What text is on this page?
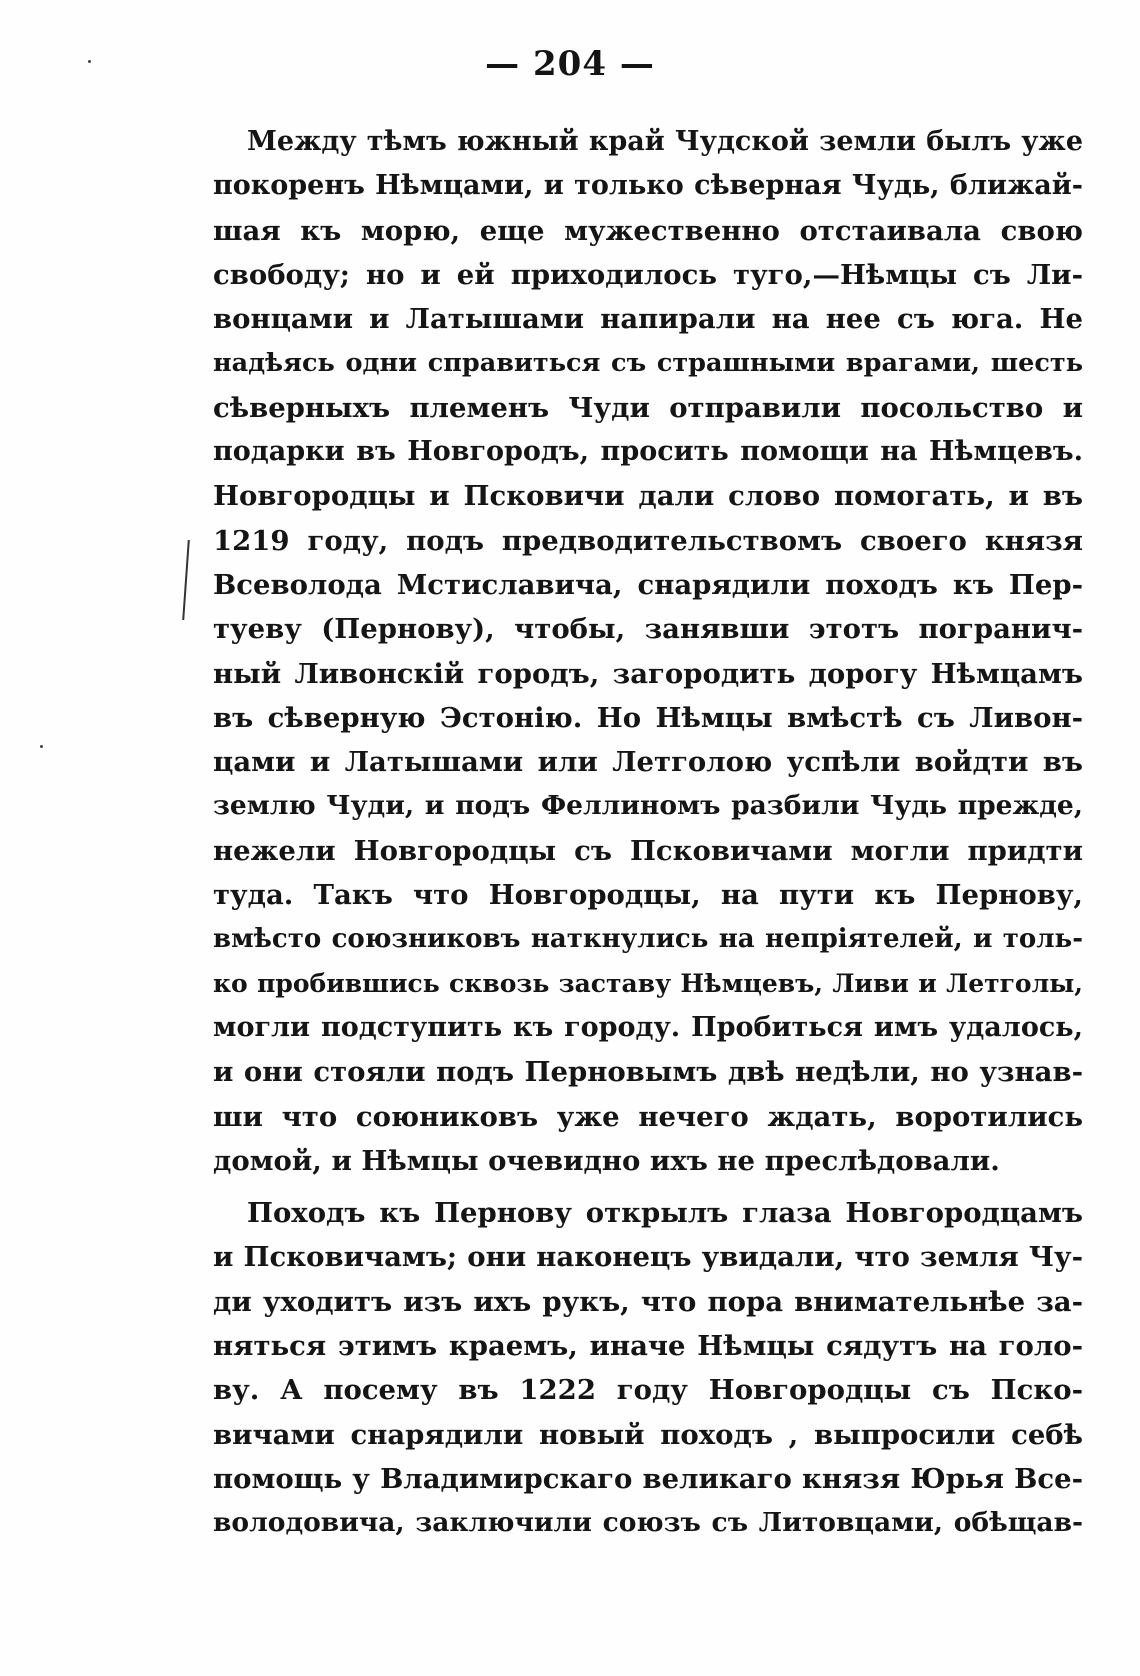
— 204 —
Между тѣмъ южный край Чудской земли былъ уже
покоренъ Нѣмцами, и только сѣверная Чудь, ближай-
шая къ морю, еще мужественно отстаивала свою
свободу; но и ей приходилось туго,—Нѣмцы съ Ли-
вонцами и Латышами напирали на нее съ юга. Не
надѣясь одни справиться съ страшными врагами, шесть
сѣверныхъ племенъ Чуди отправили посольство и
подарки въ Новгородъ, просить помощи на Нѣмцевъ.
Новгородцы и Псковичи дали слово помогать, и въ
1219 году, подъ предводительствомъ своего князя
Всеволода Мстиславича, снарядили походъ къ Пер-
туеву (Пернову), чтобы, занявши этотъ погранич-
ный Ливонскій городъ, загородить дорогу Нѣмцамъ
въ сѣверную Эстонію. Но Нѣмцы вмѣстѣ съ Ливон-
цами и Латышами или Летголою успѣли войдти въ
землю Чуди, и подъ Феллиномъ разбили Чудь прежде,
нежели Новгородцы съ Псковичами могли придти
туда. Такъ что Новгородцы, на пути къ Пернову,
вмѣсто союзниковъ наткнулись на непріятелей, и толь-
ко пробившись сквозь заставу Нѣмцевъ, Ливи и Летголы,
могли подступить къ городу. Пробиться имъ удалось,
и они стояли подъ Перновымъ двѣ недѣли, но узнав-
ши что союниковъ уже нечего ждать, воротились
домой, и Нѣмцы очевидно ихъ не преслѣдовали.
Походъ къ Пернову открылъ глаза Новгородцамъ
и Псковичамъ; они наконецъ увидали, что земля Чу-
ди уходитъ изъ ихъ рукъ, что пора внимательнѣе за-
няться этимъ краемъ, иначе Нѣмцы сядутъ на голо-
ву. А посему въ 1222 году Новгородцы съ Пско-
вичами снарядили новый походъ , выпросили себѣ
помощь у Владимирскаго великаго князя Юрья Все-
володовича, заключили союзъ съ Литовцами, обѣщав-
